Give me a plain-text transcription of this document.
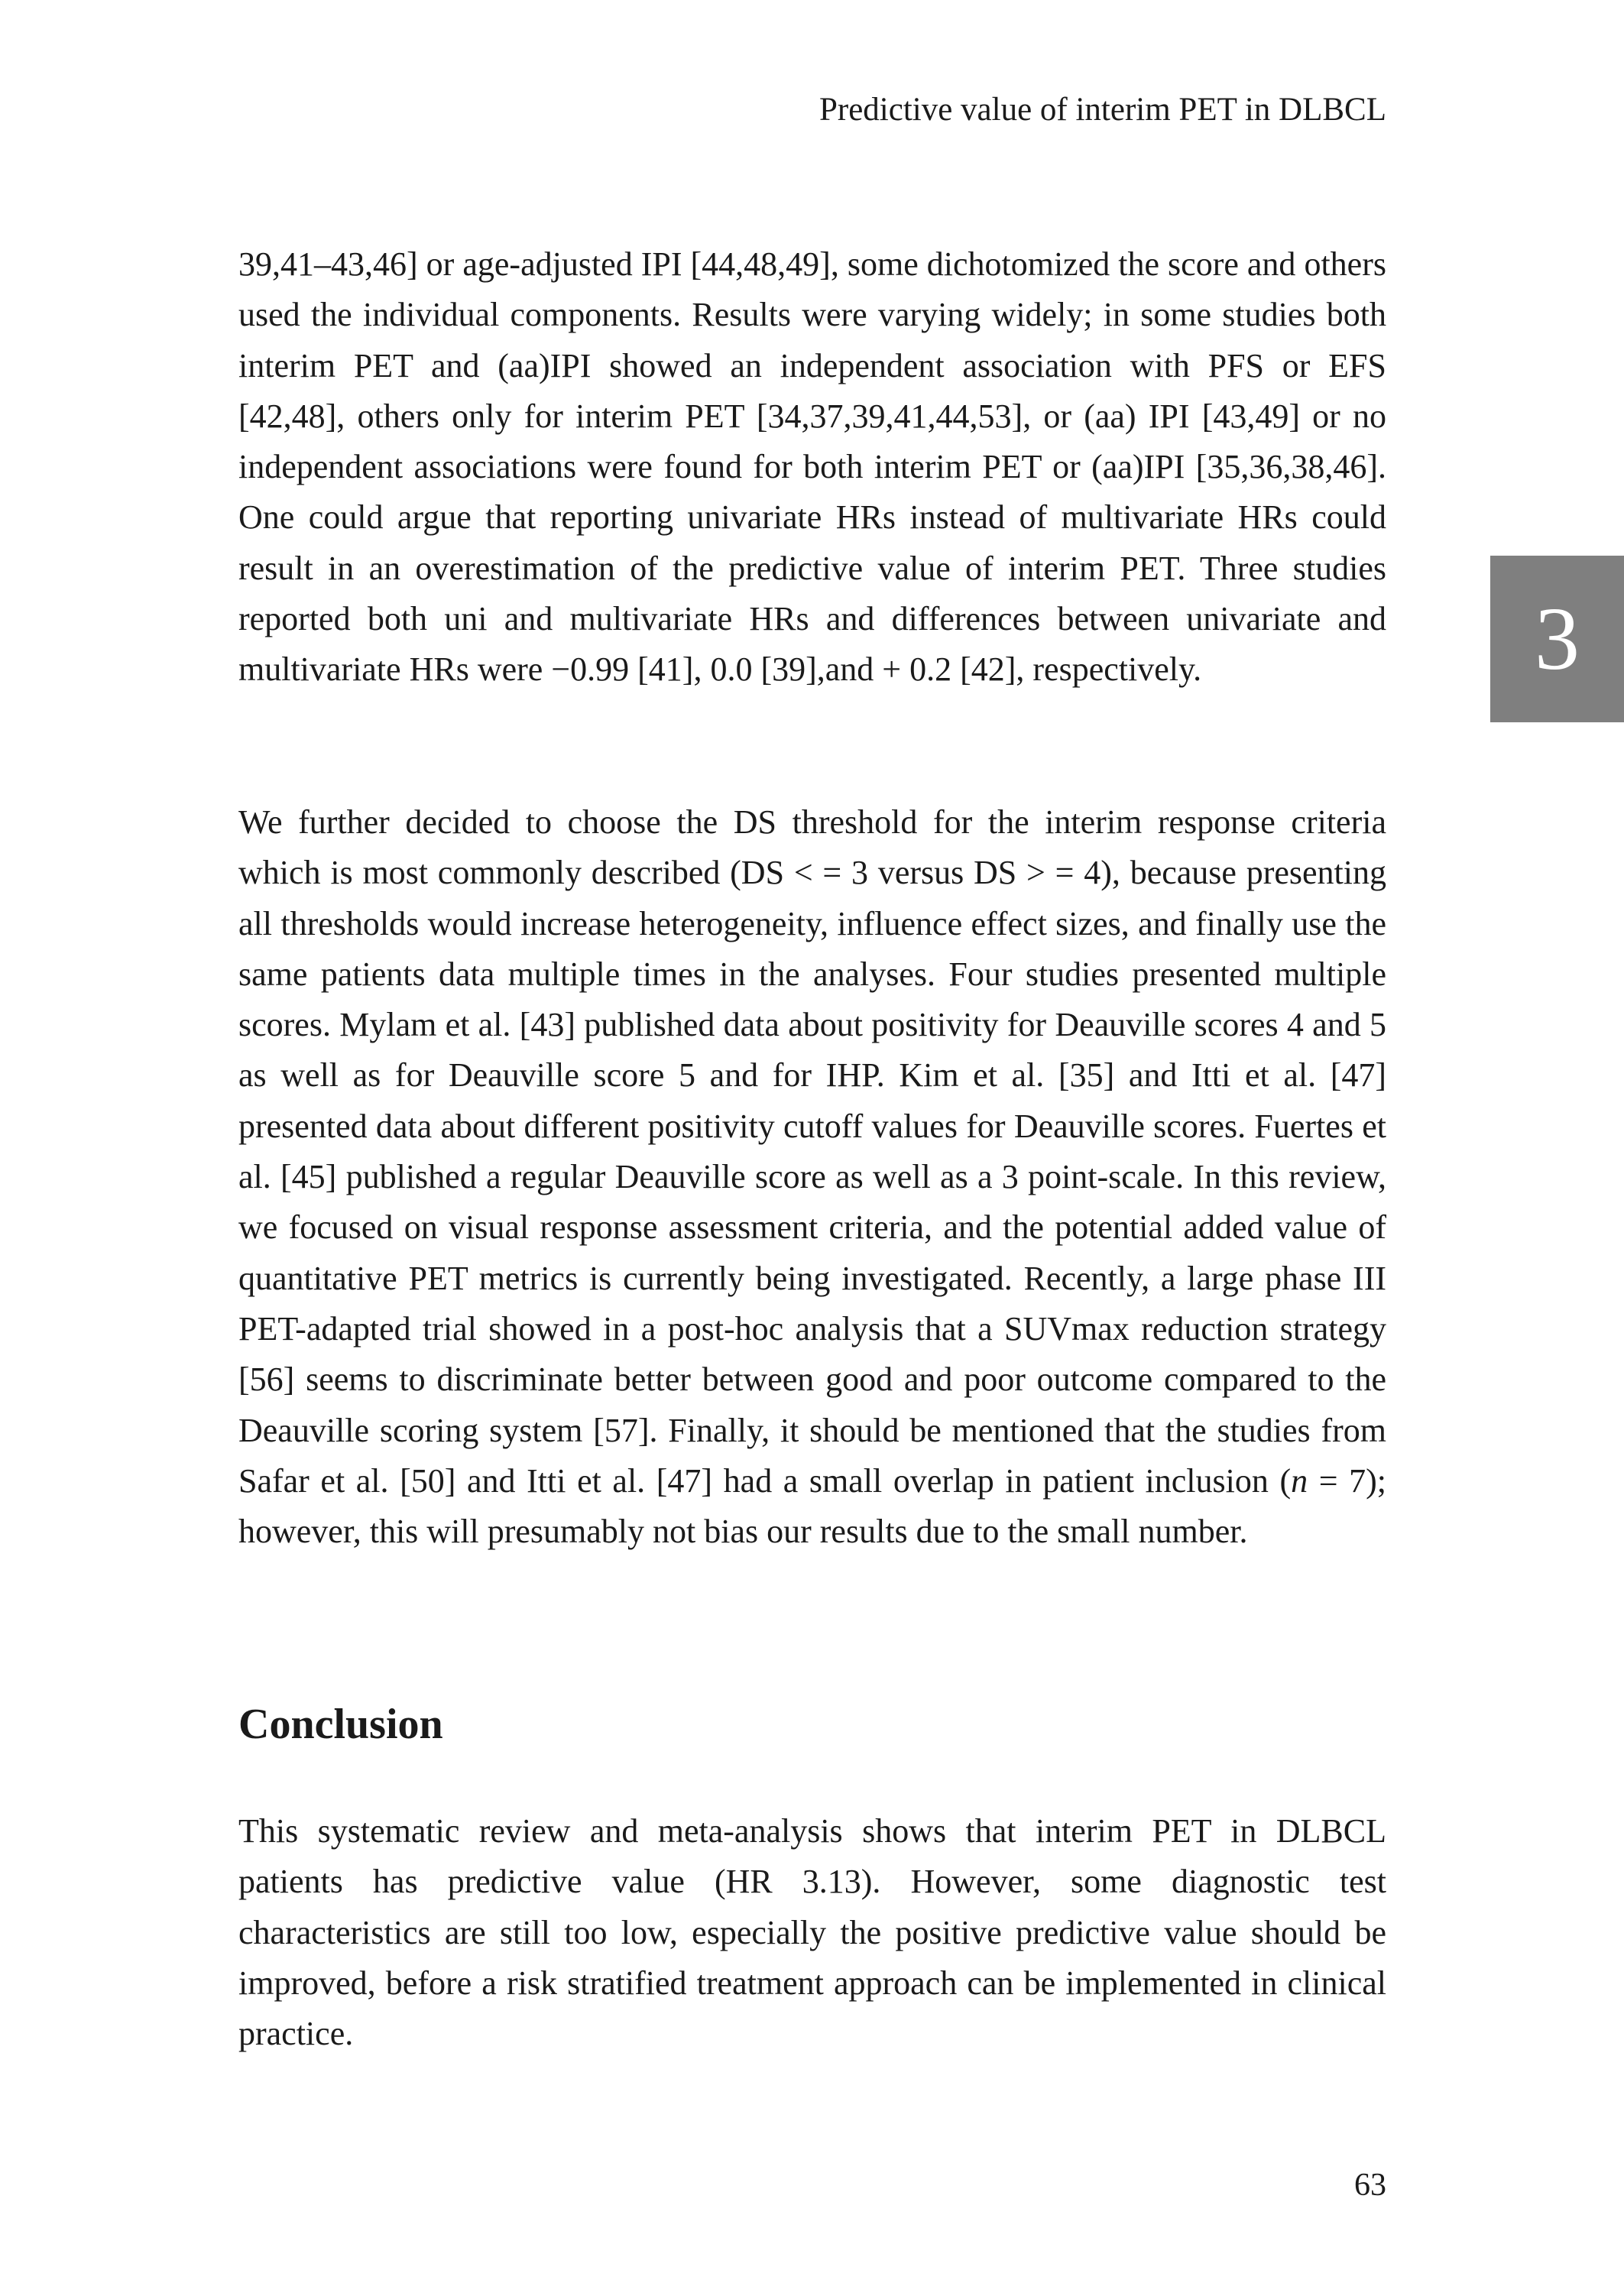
Predictive value of interim PET in DLBCL

39,41–43,46] or age-adjusted IPI [44,48,49], some dichotomized the score and others used the individual components. Results were varying widely; in some studies both interim PET and (aa)IPI showed an independent association with PFS or EFS [42,48], others only for interim PET [34,37,39,41,44,53], or (aa) IPI [43,49] or no independent associations were found for both interim PET or (aa)IPI [35,36,38,46]. One could argue that reporting univariate HRs instead of multivariate HRs could result in an overestimation of the predictive value of interim PET. Three studies reported both uni and multivariate HRs and differences between univariate and multivariate HRs were −0.99 [41], 0.0 [39],and + 0.2 [42], respectively.	3

We further decided to choose the DS threshold for the interim response criteria which is most commonly described (DS < = 3 versus DS > = 4), because presenting all thresholds would increase heterogeneity, influence effect sizes, and finally use the same patients data multiple times in the analyses. Four studies presented multiple scores. Mylam et al. [43] published data about positivity for Deauville scores 4 and 5 as well as for Deauville score 5 and for IHP. Kim et al. [35] and Itti et al. [47] presented data about different positivity cutoff values for Deauville scores. Fuertes et al. [45] published a regular Deauville score as well as a 3 point-scale. In this review, we focused on visual response assessment criteria, and the potential added value of quantitative PET metrics is currently being investigated. Recently, a large phase III PET-adapted trial showed in a post-hoc analysis that a SUVmax reduction strategy [56] seems to discriminate better between good and poor outcome compared to the Deauville scoring system [57]. Finally, it should be mentioned that the studies from Safar et al. [50] and Itti et al. [47] had a small overlap in patient inclusion (n = 7); however, this will presumably not bias our results due to the small number.

Conclusion

This systematic review and meta-analysis shows that interim PET in DLBCL patients has predictive value (HR 3.13). However, some diagnostic test characteristics are still too low, especially the positive predictive value should be improved, before a risk stratified treatment approach can be implemented in clinical practice.

63
